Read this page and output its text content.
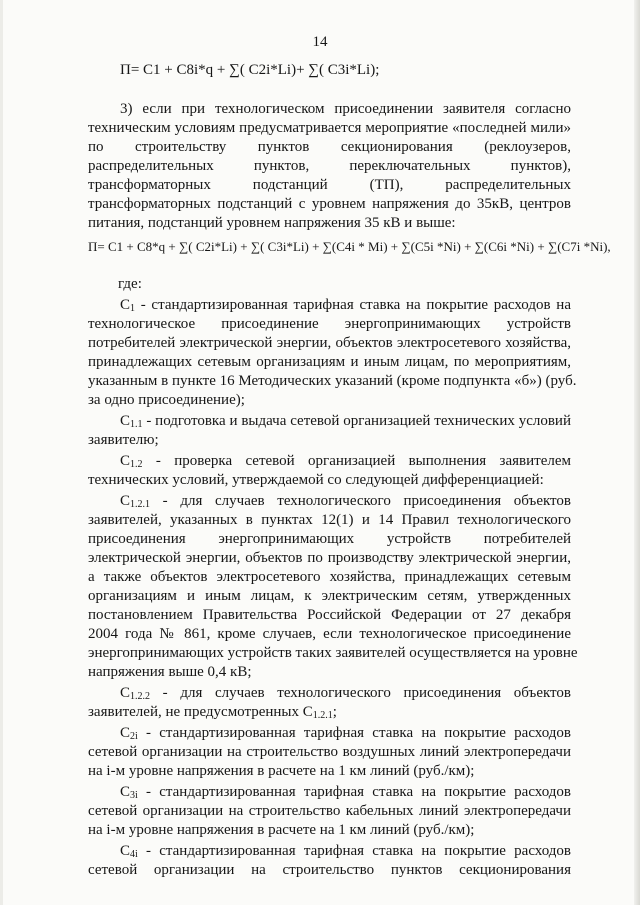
14
П= С1 + С8i*q + ∑( С2i*Li)+ ∑( С3i*Li);
3) если при технологическом присоединении заявителя согласно
техническим условиям предусматривается мероприятие «последней мили»
по строительству пунктов секционирования (реклоузеров,
распределительных пунктов, переключательных пунктов),
трансформаторных подстанций (ТП), распределительных
трансформаторных подстанций с уровнем напряжения до 35кВ, центров
питания, подстанций уровнем напряжения 35 кВ и выше:
П= С1 + С8*q + ∑( С2i*Li) + ∑( С3i*Li) + ∑(С4i * Mi) + ∑(С5i *Ni) + ∑(С6i *Ni) + ∑(С7i *Ni),
где:
$С_1$ - стандартизированная тарифная ставка на покрытие расходов на
технологическое присоединение энергопринимающих устройств
потребителей электрической энергии, объектов электросетевого хозяйства,
принадлежащих сетевым организациям и иным лицам, по мероприятиям,
указанным в пункте 16 Методических указаний (кроме подпункта «б») (руб.
за одно присоединение);
$С_{1.1}$ - подготовка и выдача сетевой организацией технических условий
заявителю;
$С_{1.2}$ - проверка сетевой организацией выполнения заявителем
технических условий, утверждаемой со следующей дифференциацией:
$С_{1.2.1}$ - для случаев технологического присоединения объектов
заявителей, указанных в пунктах 12(1) и 14 Правил технологического
присоединения энергопринимающих устройств потребителей
электрической энергии, объектов по производству электрической энергии,
а также объектов электросетевого хозяйства, принадлежащих сетевым
организациям и иным лицам, к электрическим сетям, утвержденных
постановлением Правительства Российской Федерации от 27 декабря
2004 года № 861, кроме случаев, если технологическое присоединение
энергопринимающих устройств таких заявителей осуществляется на уровне
напряжения выше 0,4 кВ;
$С_{1.2.2}$ - для случаев технологического присоединения объектов
заявителей, не предусмотренных $С_{1.2.1}$;
$С_{2i}$ - стандартизированная тарифная ставка на покрытие расходов
сетевой организации на строительство воздушных линий электропередачи
на i-м уровне напряжения в расчете на 1 км линий (руб./км);
$С_{3i}$ - стандартизированная тарифная ставка на покрытие расходов
сетевой организации на строительство кабельных линий электропередачи
на i-м уровне напряжения в расчете на 1 км линий (руб./км);
$С_{4i}$ - стандартизированная тарифная ставка на покрытие расходов
сетевой организации на строительство пунктов секционирования
